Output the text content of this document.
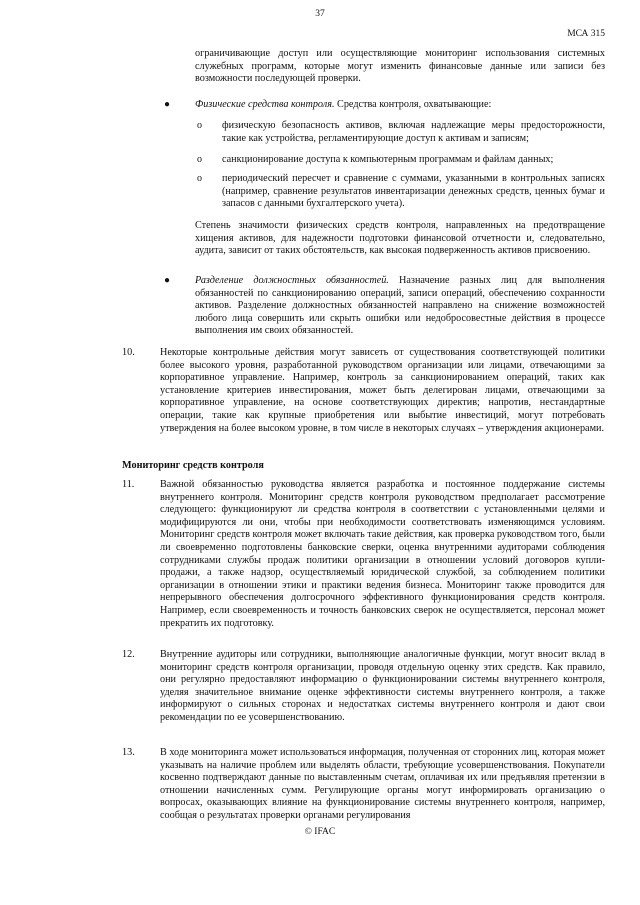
37
МСА 315

ограничивающие доступ или осуществляющие мониторинг использования системных служебных программ, которые могут изменить финансовые данные или записи без возможности последующей проверки.

● Физические средства контроля. Средства контроля, охватывающие:

o физическую безопасность активов, включая надлежащие меры предосторожности, такие как устройства, регламентирующие доступ к активам и записям;

o санкционирование доступа к компьютерным программам и файлам данных;

o периодический пересчет и сравнение с суммами, указанными в контрольных записях (например, сравнение результатов инвентаризации денежных средств, ценных бумаг и запасов с данными бухгалтерского учета).

Степень значимости физических средств контроля, направленных на предотвращение хищения активов, для надежности подготовки финансовой отчетности и, следовательно, аудита, зависит от таких обстоятельств, как высокая подверженность активов присвоению.

● Разделение должностных обязанностей. Назначение разных лиц для выполнения обязанностей по санкционированию операций, записи операций, обеспечению сохранности активов. Разделение должностных обязанностей направлено на снижение возможностей любого лица совершить или скрыть ошибки или недобросовестные действия в процессе выполнения им своих обязанностей.

10. Некоторые контрольные действия могут зависеть от существования соответствующей политики более высокого уровня, разработанной руководством организации или лицами, отвечающими за корпоративное управление. Например, контроль за санкционированием операций, таких как установление критериев инвестирования, может быть делегирован лицами, отвечающими за корпоративное управление, на основе соответствующих директив; напротив, нестандартные операции, такие как крупные приобретения или выбытие инвестиций, могут потребовать утверждения на более высоком уровне, в том числе в некоторых случаях – утверждения акционерами.

Мониторинг средств контроля
11.	Важной обязанностью руководства является разработка и постоянное поддержание системы внутреннего контроля. Мониторинг средств контроля руководством предполагает рассмотрение следующего: функционируют ли средства контроля в соответствии с установленными целями и модифицируются ли они, чтобы при необходимости соответствовать изменяющимся условиям. Мониторинг средств контроля может включать такие действия, как проверка руководством того, были ли своевременно подготовлены банковские сверки, оценка внутренними аудиторами соблюдения сотрудниками службы продаж политики организации в отношении условий договоров купли-продажи, а также надзор, осуществляемый юридической службой, за соблюдением политики организации в отношении этики и практики ведения бизнеса. Мониторинг также проводится для непрерывного обеспечения долгосрочного эффективного функционирования средств контроля. Например, если своевременность и точность банковских сверок не осуществляется, персонал может прекратить их подготовку.

12. Внутренние аудиторы или сотрудники, выполняющие аналогичные функции, могут вносит вклад в мониторинг средств контроля организации, проводя отдельную оценку этих средств. Как правило, они регулярно предоставляют информацию о функционировании системы внутреннего контроля, уделяя значительное внимание оценке эффективности системы внутреннего контроля, а также информируют о сильных сторонах и недостатках системы внутреннего контроля и дают свои рекомендации по ее усовершенствованию.

13. В ходе мониторинга может использоваться информация, полученная от сторонних лиц, которая может указывать на наличие проблем или выделять области, требующие усовершенствования. Покупатели косвенно подтверждают данные по выставленным счетам, оплачивая их или предъявляя претензии в отношении начисленных сумм. Регулирующие органы могут информировать организацию о вопросах, оказывающих влияние на функционирование системы внутреннего контроля, например, сообщая о результатах проверки органами регулирования

© IFAC
